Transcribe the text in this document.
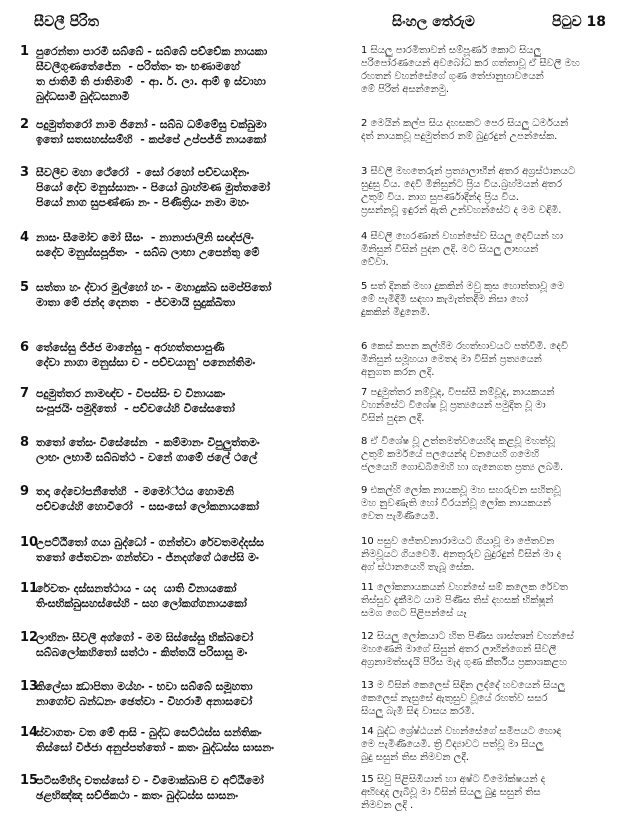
සීවලී පිරිත	සිංහල තේරුම	පිටුව 18
1 පුරෙන්තා පාරමී සබ්බේ - සබ්බේ පච්චේක නායකා
සීවලීගුණතේජේන  - පරිත්තං තං භණාමහේ
ත ජාතිමි ති ජාතිමාම්  - ආ. ර්. ලා. ආම් ඉ ස්වාහා
බුද්ධසාමී බුද්ධසනාමී
1 සියලු පාරමිතාවන් සම්පූර්ණ කොට සියලු
පරිපෝරණයෙන් අවබෝධ කර ගත්තාවූ ඒ සීවලී මහ
රහතන් වහන්සේගේ ගුණ තේජානුභාවයෙන්
මේ පිරිත් අසන්නෙමු.
2 පදුමුත්තරෝ නාම ජිනෝ - සබ්බ ධම්මේසු චක්ඛුමා
ඉතෝ සතසහස්සම්හි  - කප්පේ උප්පජ්ජි නායකෝ
2 මෙයින් කල්ප සිය දහසකට පෙර සියලු ධර්මයන්
දත් නායකවූ පදුමුත්තර නම් බුදුරදුන් උපන්සේක.
3 සීවලීච මහා ථේරෝ  - සෝ රහෝ පච්චයාදිනං
පියෝ දේව මනුස්සානං - පියෝ බ්‍රාහ්මණ මුත්තමෝ
පියෝ නාග සුපණ්ණා නං - පිණිත්‍රියං නමා මහං
3 සීවලී මහතෙරුන් ප්‍රත්‍යාලාභීන් අතර අග්‍රස්ථානයට
සුදුසු විය. දෙවි මිනිසුන්ට ප්‍රිය විය.බ්‍රහ්මයන් අතර
උතුම් විය. නාග සුපර්ණාදීන්ද ප්‍රිය විය.
ප්‍රසන්නවූ ඉඳුරන් ඇති උන්වහන්සේට ද මම වඳිමි.
4 නාසං සීමෝච මෝ සීසං  - නානාජාලිනි සඥ්ජලිං
සදේව මනුස්සපූජිතං  - සබ්බ ලාභා උපෙන්තු මේ
4 සීවලී හෙරණාන් වහන්සේව සියලු දෙවියන් හා
මිනිසුන් විසින් පුදන ලදි. මට සියලු ලාභයන්
වේවා.
5 සත්තා හං ද්වාර මුල්හෝ හං - මහාදුක්ඛ සමප්පිතෝ
මාතා මේ ජන්ද දෙනත  - ජ්වමායි සුදුක්ඛිතා
5 සත් දිනක් මහා දුකකින් මවු කුස හොත්තාවූ මෙ
මේ පැමිදීමි සඳහා කැමැත්තදීම නිසා හෝ
දුකකින් මිදුනෙමි.
6 තේසේසු ජිජ්ජ මානේසු - අරහත්තපාපුණි
දේවා නාගා මනුස්සා ච - පච්චයානු' පනෙන්තිමං
6 කෙස් කපන කල්හිම රහත්භාවයට පත්වීමි. දෙවි
මිනිසුන් සමූහයා මෙතද මා විසින් ප්‍රත්‍යයෙන්
අනුගත කරන ලදි.
7 පදුමුත්තර නාමඥ්ච - විපස්සිං ච විනායකං
සංපූජයිං පමුදිතෝ  - පච්චයේහි විසේසතෝ
7 පදුමුත්තර නම්වූද, විපස්සී නම්වූද, නායකයන්
වහන්සේට විශේෂ වූ ප්‍රත්‍යයෙන් පමුදිත වූ මා
විසින් පුදන ලදී.
8 තතෝ තේසං විසේසේන  - කම්මානං විපුලුත්තමං
ලාභං ලභාමි සබ්බත්ථ - වනේ ගාමේ ජලේ ථලේ
8 ඒ විශේෂ වූ උත්තමත්වයෙහිද කළවූ මහත්වූ
උතුම් කර්මයේ පලයෙන්ද වනයෙහි ගමෙහි
ජලයෙහි ගොඩබිමෙහි හා ගැනෙගත ප්‍රත්‍ය ලබමි.
9 තදා දේවෝපනීතේහි  - මමෝ්ථය හොමනි
පච්චයේහි හොවීරෝ  - සසංසෝ ලෝකනායකෝ
9 එකල්හි ලෝක නායකවූ මහ සහරුවන සහිතවූ
මහ නුවණැති හෝ වීරයන්වූ ලෝක නායකයන්
වෙත පැමිණියෙමි.
10
උපට්ඨිතෝ ගයා බුද්ධෝ - ගන්ත්වා රේවතමද්දස්ස
තතෝ ජේතවනං ගන්ත්වා - ජ්නදග්ගේ ඨපේසි මං
10 පසුව ජේතවනාරාමයට ගියාවූ මා ජේතවන
නිමවූයට ගියවෙමි. අනතුරුව බුදුරදුන් විසින් මා ද
අග් ස්ථානයෙහි තැබූ සේක.
11
රේවතං දස්සනත්ථාය - යද  යාති විනායකෝ
තිංසභික්ඛුසහස්සේහි - සහ ලෝකග්ගනායකෝ
11 ලෝකනායකයන් වහන්සේ සම් කලෙක රේවත
තිස්සුව දැකීමට යාම පිණිස තිස් දහසක් භික්ෂූන්
සමග ගෙට පිළිපන්සේ යෑ
12
ලාභිනං සීවලී අග්ගෝ - මම සිස්සේසු භික්ඛවෝ
සබ්බලෝකහිතෝ සත්ථා - කිත්තයි පරිසාසු මං
12 සියලු ලෝකයාට හිත පිණිස ශාස්තෘන් වහන්සේ
මහණෙනි මාගේ සිසුන් අතර ලාභීන්ගෙන් සීවලී
අග්‍රනාමත්සදැයි පිරිස මැද ගුණ කීර්තිය ප්‍රකාශකළහ
13
කිලේසා ඣාපිතා මය්හං - භවා සබ්බේ සමූහතා
නාගෝව බන්ධනං ඡෙත්වා - විහරාමි අනාසවෝ
13 ම විසින් කෙලෙස් සිඳින ලද්දේ හවයෙන් සියලු
කෙලෙස් නැසුසේ ඇතුසුව වූයේ රහත්ව සසර
සියලු බැමි සිඳ වාසය කරමි.
14
ස්වාගතං වත මේ ආසි - බුද්ධ සෙට්ඨස්ස සන්තිකං
තිස්සෝ විජ්ජා අනුප්පත්තෝ - කතං බුද්ධස්ස සාසනං
14 බුද්ධ ශ්‍රේෂ්ඨයන් වහන්සේගේ සමීපයට හොඳ
මෙ පැමිණියෙමි. ත්‍රි විද්‍යාවට පත්වූ මා සියලු
බුදු සසුන් තිස නිමවන ලදී.
15
පටිසම්භිදා චතස්සෝ ච - විමොක්ඛාපි ච අට්ඨිමෝ
ඡළභිඤ්ඤ සච්ජිකථා - කතං බුද්ධස්ස සාසනං
15 සිවු පිළිසිඹියාන් හා අෂ්ට විමෝක්ෂයන් ද
අභිඥාද ලැබීවූ මා විසින් සියලු බුදු සසුන් තිස
නිමවන ලදි .
